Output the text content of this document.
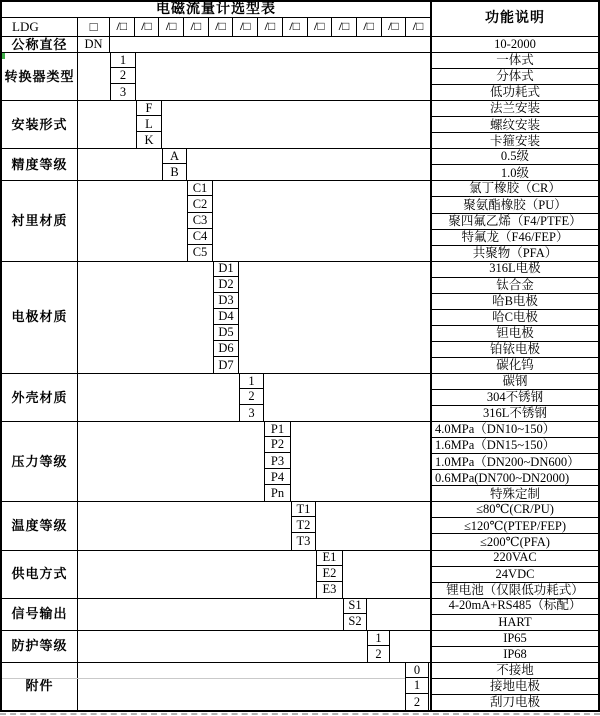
电磁流量计选型表
功能说明
LDG	□	/□	/□	/□	/□	/□	/□	/□	/□	/□	/□	/□	/□	/□
公称直径	DN	10-2000
转换器类型
1	一体式
2	分体式
3	低功耗式
安装形式
F	法兰安装
L	螺纹安装
K	卡箍安装
精度等级
A	0.5级
B	1.0级
衬里材质
C1	氯丁橡胶（CR）
C2	聚氨酯橡胶（PU）
C3	聚四氟乙烯（F4/PTFE）
C4	特氟龙（F46/FEP）
C5	共聚物（PFA）
电极材质
D1	316L电极
D2	钛合金
D3	哈B电极
D4	哈C电极
D5	钽电极
D6	铂铱电极
D7	碳化钨
外壳材质
1	碳钢
2	304不锈钢
3	316L不锈钢
压力等级
P1	4.0MPa（DN10~150）
P2	1.6MPa（DN15~150）
P3	1.0MPa（DN200~DN600）
P4	0.6MPa(DN700~DN2000)
Pn	特殊定制
温度等级
T1	≤80℃(CR/PU)
T2	≤120℃(PTEP/FEP)
T3	≤200℃(PFA)
供电方式
E1	220VAC
E2	24VDC
E3	锂电池（仅限低功耗式）
信号输出
S1	4-20mA+RS485（标配）
S2	HART
防护等级
1	IP65
2	IP68
附件
0	不接地
1	接地电极
2	刮刀电极
